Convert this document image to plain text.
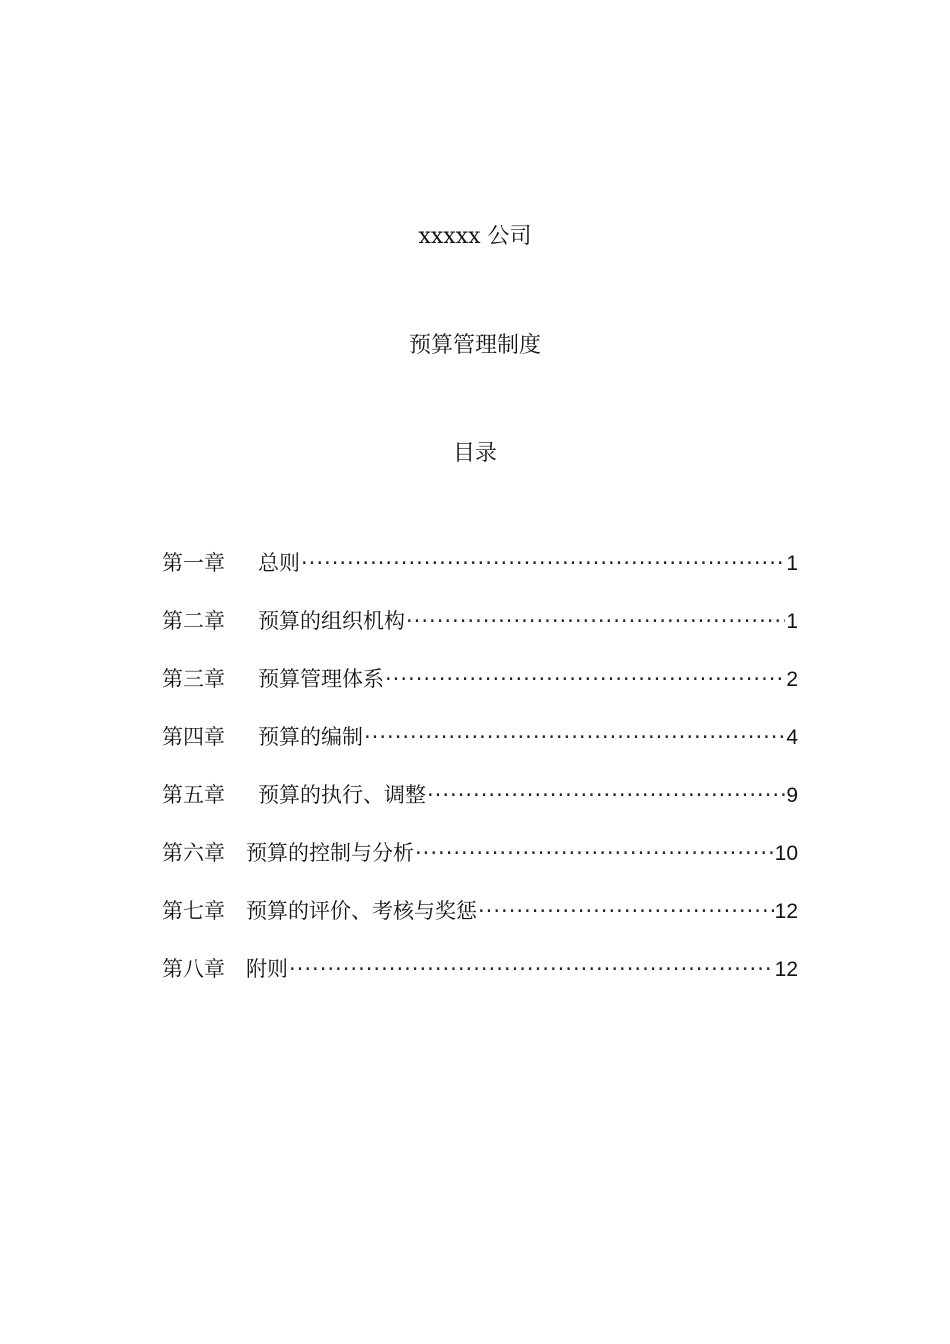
xxxxx 公司
预算管理制度
目录
第一章	总则 ·····	1
第二章	预算的组织机构 ·····	1
第三章	预算管理体系 ·····	2
第四章	预算的编制 ·····	4
第五章	预算的执行、调整 ·····	9
第六章	预算的控制与分析 ·····	10
第七章	预算的评价、考核与奖惩 ·····	12
第八章	附则 ·····	12
